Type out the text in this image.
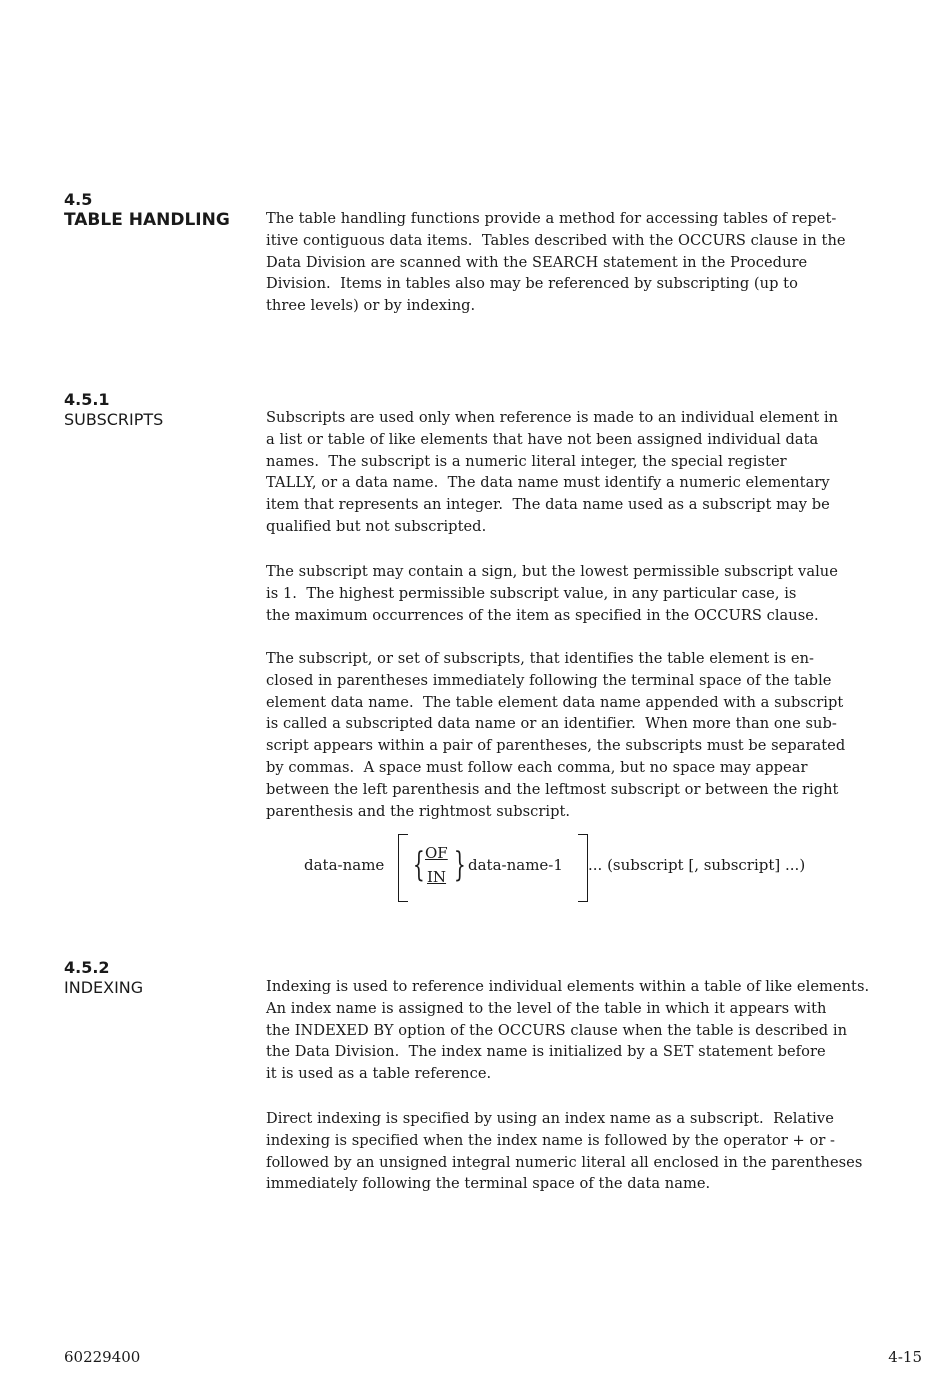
4.5
TABLE HANDLING The table handling functions provide a method for accessing tables of repet-
itive contiguous data items.  Tables described with the OCCURS clause in the
Data Division are scanned with the SEARCH statement in the Procedure
Division.  Items in tables also may be referenced by subscripting (up to
three levels) or by indexing.

4.5.1
SUBSCRIPTS	Subscripts are used only when reference is made to an individual element in
a list or table of like elements that have not been assigned individual data
names.  The subscript is a numeric literal integer, the special register
TALLY, or a data name.  The data name must identify a numeric elementary
item that represents an integer.  The data name used as a subscript may be
qualified but not subscripted.

The subscript may contain a sign, but the lowest permissible subscript value
is 1.  The highest permissible subscript value, in any particular case, is
the maximum occurrences of the item as specified in the OCCURS clause.

The subscript, or set of subscripts, that identifies the table element is en-
closed in parentheses immediately following the terminal space of the table
element data name.  The table element data name appended with a subscript
is called a subscripted data name or an identifier.  When more than one sub-
script appears within a pair of parentheses, the subscripts must be separated
by commas.  A space must follow each comma, but no space may appear
between the left parenthesis and the leftmost subscript or between the right
parenthesis and the rightmost subscript.

data-name { OF
IN } data-name-1 ... (subscript [, subscript] ...)
4.5.2
INDEXING	Indexing is used to reference individual elements within a table of like elements.
An index name is assigned to the level of the table in which it appears with
the INDEXED BY option of the OCCURS clause when the table is described in
the Data Division.  The index name is initialized by a SET statement before
it is used as a table reference.

Direct indexing is specified by using an index name as a subscript.  Relative
indexing is specified when the index name is followed by the operator + or -
followed by an unsigned integral numeric literal all enclosed in the parentheses
immediately following the terminal space of the data name.

60229400	4-15
